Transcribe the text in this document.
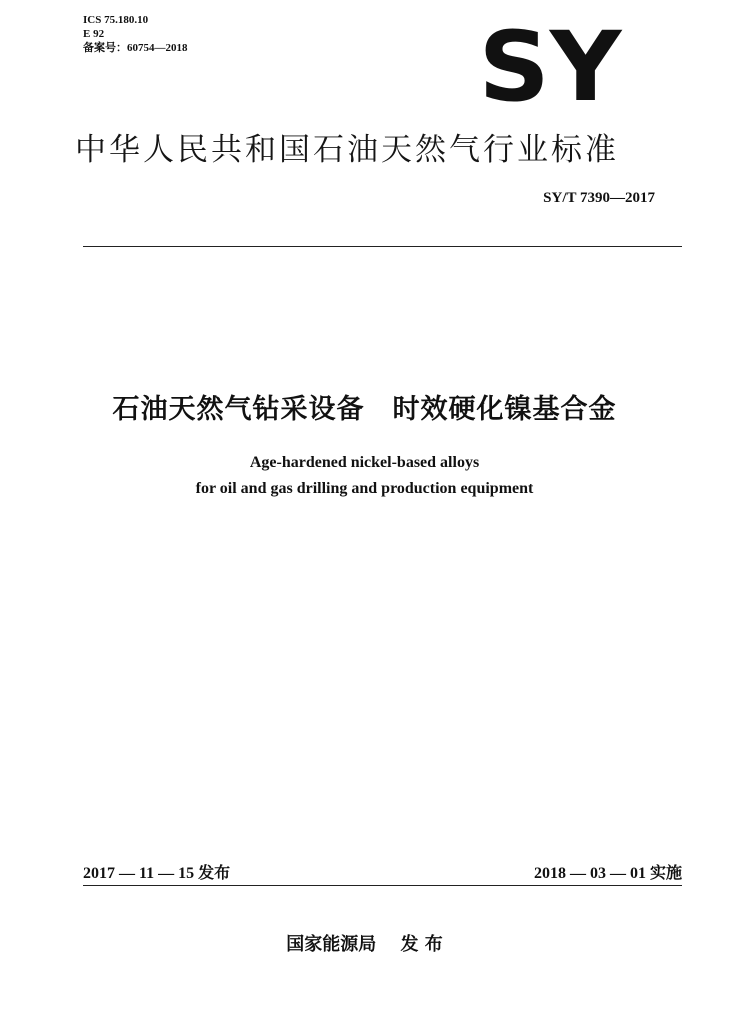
ICS 75.180.10
E 92
备案号：60754—2018	SY
中华人民共和国石油天然气行业标准
SY/T 7390—2017
石油天然气钻采设备　时效硬化镍基合金
Age-hardened nickel-based alloys
for oil and gas drilling and production equipment
2017 — 11 — 15 发布	2018 — 03 — 01 实施
国家能源局　 发 布
